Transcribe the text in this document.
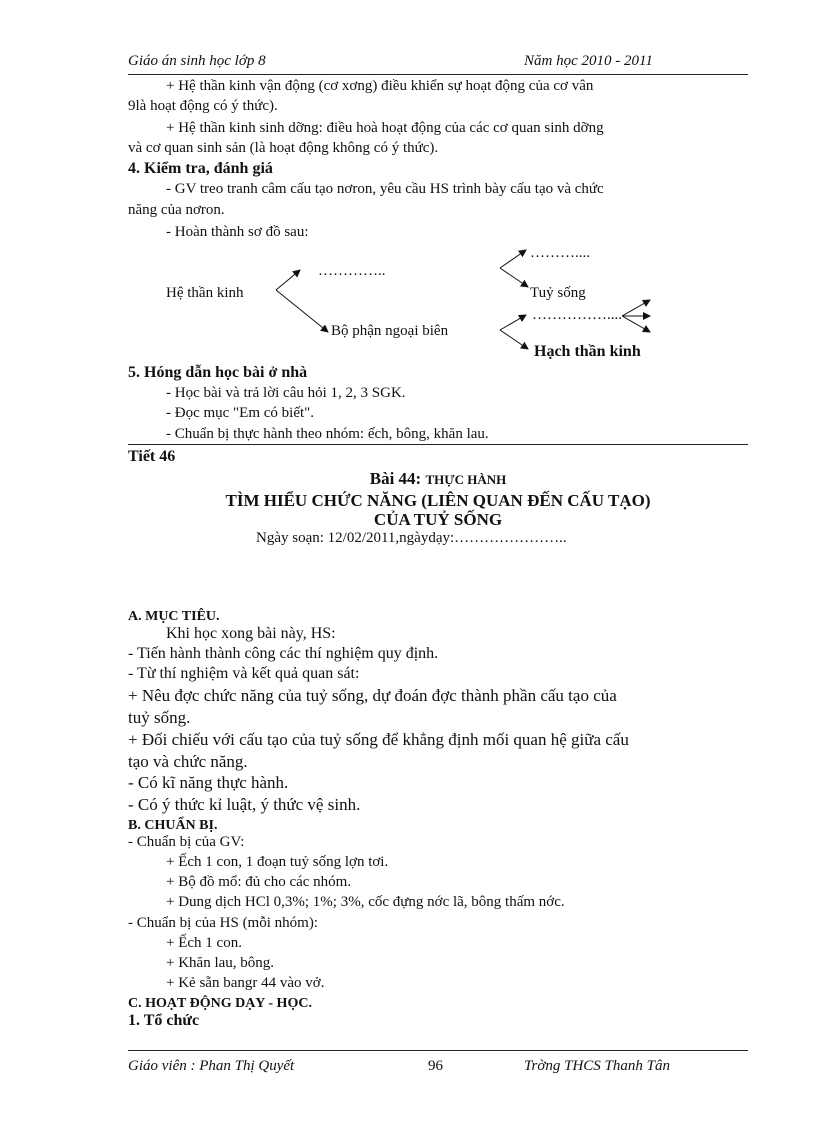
Giáo án sinh học lớp 8	Năm học 2010 - 2011
+ Hệ thần kinh vận động (cơ xơng) điều khiển sự hoạt động của cơ vân
9là hoạt động có ý thức).
+ Hệ thần kinh sinh dỡng: điều hoà hoạt động của các cơ quan sinh dỡng
và cơ quan sinh sản (là hoạt động không có ý thức).
4. Kiểm tra, đánh giá
- GV treo tranh câm cấu tạo nơron, yêu cầu HS trình bày cấu tạo và chức
năng của nơron.
- Hoàn thành sơ đồ sau:
Hệ thần kinh
…………..
Bộ phận ngoại biên
………....
Tuỷ sống
……………....
Hạch thần kinh
5. Hóng dẫn học bài ở nhà
- Học bài và trả lời câu hỏi 1, 2, 3 SGK.
- Đọc mục "Em có biết".
- Chuẩn bị thực hành theo nhóm: ếch, bông, khăn lau.
Tiết 46
Bài 44: THỰC HÀNH
TÌM HIỂU CHỨC NĂNG (LIÊN QUAN ĐẾN CẤU TẠO)
CỦA TUỶ SỐNG
Ngày soạn: 12/02/2011,ngàydạy:…………………..
A. MỤC TIÊU.
Khi học xong bài này, HS:
- Tiến hành thành công các thí nghiệm quy định.
- Từ thí nghiệm và kết quả quan sát:
+ Nêu đợc chức năng của tuỷ sống, dự đoán đợc thành phần cấu tạo của
tuỷ sống.
+ Đối chiếu với cấu tạo của tuỷ sống để khẳng định mối quan hệ giữa cấu
tạo và chức năng.
- Có kĩ năng thực hành.
- Có ý thức kỉ luật, ý thức vệ sinh.
B. CHUẨN BỊ.
- Chuẩn bị của GV:
+ Ếch 1 con, 1 đoạn tuỷ sống lợn tơi.
+ Bộ đồ mổ: đủ cho các nhóm.
+ Dung dịch HCl 0,3%; 1%; 3%, cốc đựng nớc lã, bông thấm nớc.
- Chuẩn bị của HS (mỗi nhóm):
+ Ếch 1 con.
+ Khăn lau, bông.
+ Kẻ sẵn bangr 44 vào vở.
C. HOẠT ĐỘNG DẠY - HỌC.
1. Tổ chức
Giáo viên : Phan Thị Quyết	96	Trờng THCS Thanh Tân
